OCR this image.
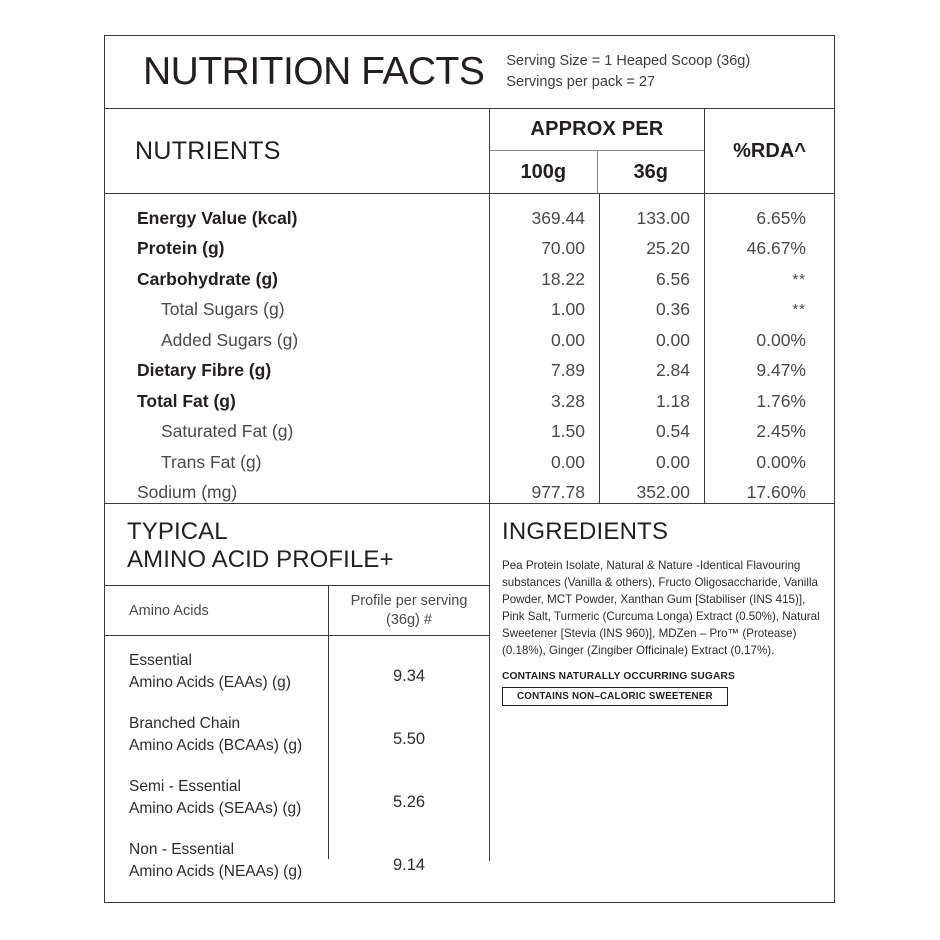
NUTRITION FACTS Serving Size = 1 Heaped Scoop (36g)
Servings per pack = 27
NUTRIENTS
APPROX PER
100g	36g
%RDA^
Energy Value (kcal)
Protein (g)
Carbohydrate (g)
Total Sugars (g)
Added Sugars (g)
Dietary Fibre (g)
Total Fat (g)
Saturated Fat (g)
Trans Fat (g)
Sodium (mg)
369.44
70.00
18.22
1.00
0.00
7.89
3.28
1.50
0.00
977.78
133.00
25.20
6.56
0.36
0.00
2.84
1.18
0.54
0.00
352.00
6.65%
46.67%
**
**
0.00%
9.47%
1.76%
2.45%
0.00%
17.60%
TYPICAL
AMINO ACID PROFILE+
Amino Acids
Profile per serving
(36g) #
Essential
Amino Acids (EAAs) (g)
Branched Chain
Amino Acids (BCAAs) (g)
Semi - Essential
Amino Acids (SEAAs) (g)
Non - Essential
Amino Acids (NEAAs) (g)
9.34
5.50
5.26
9.14
INGREDIENTS
Pea Protein Isolate, Natural & Nature -Identical Flavouring substances (Vanilla & others), Fructo Oligosaccharide, Vanilla Powder, MCT Powder, Xanthan Gum [Stabiliser (INS 415)], Pink Salt, Turmeric (Curcuma Longa) Extract (0.50%), Natural Sweetener [Stevia (INS 960)], MDZen – Pro™ (Protease) (0.18%), Ginger (Zingiber Officinale) Extract (0.17%).
CONTAINS NATURALLY OCCURRING SUGARS
CONTAINS NON–CALORIC SWEETENER
